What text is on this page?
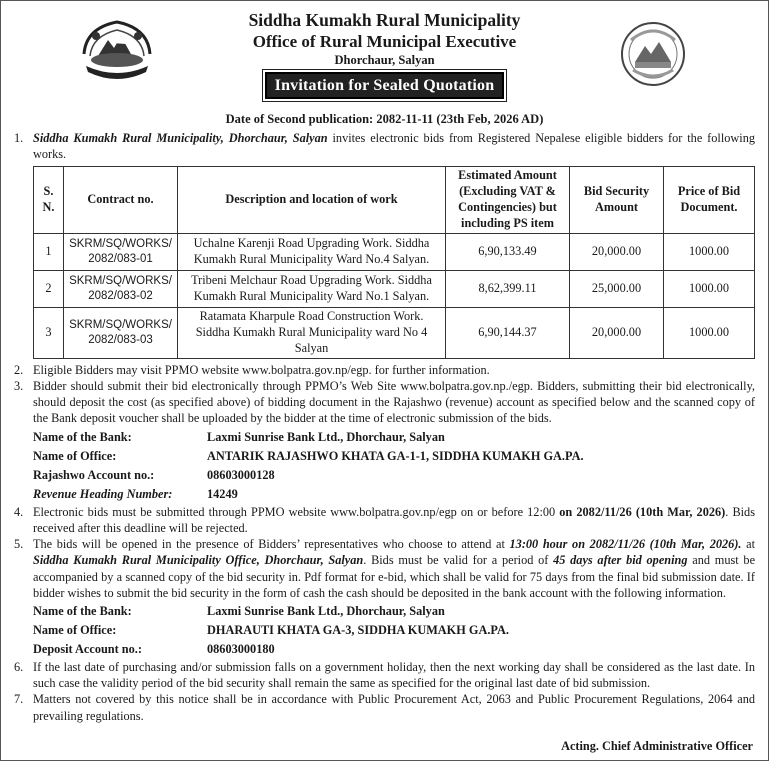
Siddha Kumakh Rural Municipality
Office of Rural Municipal Executive
Dhorchaur, Salyan
Invitation for Sealed Quotation
Date of Second publication: 2082-11-11 (23th Feb, 2026 AD)
1. Siddha Kumakh Rural Municipality, Dhorchaur, Salyan invites electronic bids from Registered Nepalese eligible bidders for the following works.
S. N.	Contract no.	Description and location of work	Estimated Amount (Excluding VAT & Contingencies) but including PS item	Bid Security Amount	Price of Bid Document.
1	SKRM/SQ/WORKS/ 2082/083-01	Uchalne Karenji Road Upgrading Work. Siddha Kumakh Rural Municipality Ward No.4 Salyan.	6,90,133.49	20,000.00	1000.00
2	SKRM/SQ/WORKS/ 2082/083-02	Tribeni Melchaur Road Upgrading Work. Siddha Kumakh Rural Municipality Ward No.1 Salyan.	8,62,399.11	25,000.00	1000.00
3	SKRM/SQ/WORKS/ 2082/083-03	Ratamata Kharpule Road Construction Work. Siddha Kumakh Rural Municipality ward No 4 Salyan	6,90,144.37	20,000.00	1000.00
2. Eligible Bidders may visit PPMO website www.bolpatra.gov.np/egp. for further information.
3. Bidder should submit their bid electronically through PPMO’s Web Site www.bolpatra.gov.np./egp. Bidders, submitting their bid electronically, should deposit the cost (as specified above) of bidding document in the Rajashwo (revenue) account as specified below and the scanned copy of the Bank deposit voucher shall be uploaded by the bidder at the time of electronic submission of the bids.
Name of the Bank:	Laxmi Sunrise Bank Ltd., Dhorchaur, Salyan
Name of Office:	ANTARIK RAJASHWO KHATA GA-1-1, SIDDHA KUMAKH GA.PA.
Rajashwo Account no.:	08603000128
Revenue Heading Number:	14249
4. Electronic bids must be submitted through PPMO website www.bolpatra.gov.np/egp on or before 12:00 on 2082/11/26 (10th Mar, 2026). Bids received after this deadline will be rejected.
5. The bids will be opened in the presence of Bidders’ representatives who choose to attend at 13:00 hour on 2082/11/26 (10th Mar, 2026). at Siddha Kumakh Rural Municipality Office, Dhorchaur, Salyan. Bids must be valid for a period of 45 days after bid opening and must be accompanied by a scanned copy of the bid security in. Pdf format for e-bid, which shall be valid for 75 days from the final bid submission date. If bidder wishes to submit the bid security in the form of cash the cash should be deposited in the bank account with the following information.
Name of the Bank:	Laxmi Sunrise Bank Ltd., Dhorchaur, Salyan
Name of Office:	DHARAUTI KHATA GA-3, SIDDHA KUMAKH GA.PA.
Deposit Account no.:	08603000180
6. If the last date of purchasing and/or submission falls on a government holiday, then the next working day shall be considered as the last date. In such case the validity period of the bid security shall remain the same as specified for the original last date of bid submission.
7. Matters not covered by this notice shall be in accordance with Public Procurement Act, 2063 and Public Procurement Regulations, 2064 and prevailing regulations.
Acting. Chief Administrative Officer
